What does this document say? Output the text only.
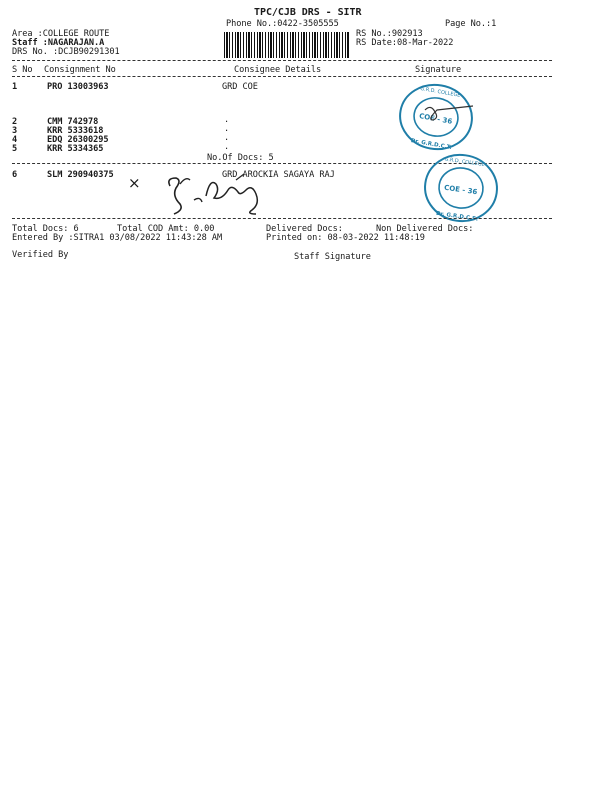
TPC/CJB DRS - SITR
Phone No.:0422-3505555	Page No.:1
Area :COLLEGE ROUTE
Staff :NAGARAJAN.A
DRS No. :DCJB90291301
RS No.:902913
RS Date:08-Mar-2022
S No Consignment No	Consignee Details	Signature
1	PRO 13003963	GRD COE
2	CMM 742978	.
3	KRR 5333618	.
4	EDQ 26300295	.
5	KRR 5334365	.
No.Of Docs: 5
6	SLM 290940375	GRD AROCKIA SAGAYA RAJ
×
COE - 36
G.R.D. COLLEGE
Dr. G.R.D.C.T.
COE - 36
G.R.D. COLLEGE
Dr. G.R.D.C.S.
Total Docs: 6	Total COD Amt: 0.00	Delivered Docs:	Non Delivered Docs:
Entered By :SITRA1 03/08/2022 11:43:28 AM	Printed on: 08-03-2022 11:48:19
Verified By	Staff Signature
